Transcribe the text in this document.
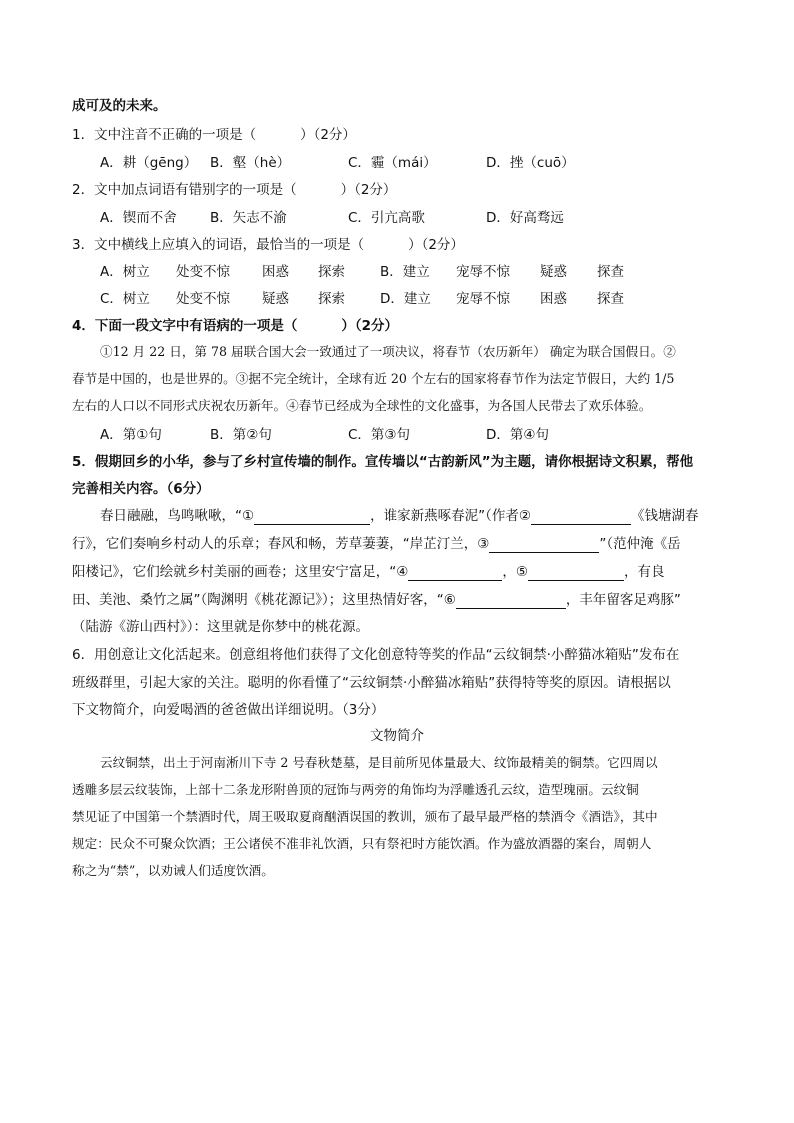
成可及的未来。
1．文中注音不正确的一项是（	）（2分）
A．耕（gēng） B．壑（hè）	C．霾（mái）	D．挫（cuō）
2．文中加点词语有错别字的一项是（	）（2分）
A．锲而不舍 B．矢志不渝	C．引亢高歌	D．好高骛远
3．文中横线上应填入的词语，最恰当的一项是（	）（2分）
A．树立 处变不惊 困惑 探索	B．建立 宠辱不惊 疑惑 探查
C．树立 处变不惊 疑惑 探索	D．建立 宠辱不惊 困惑 探查
4．下面一段文字中有语病的一项是（	）（2分）
①12 月 22 日，第 78 届联合国大会一致通过了一项决议，将春节（农历新年） 确定为联合国假日。②
春节是中国的，也是世界的。③据不完全统计，全球有近 20 个左右的国家将春节作为法定节假日，大约 1/5
左右的人口以不同形式庆祝农历新年。④春节已经成为全球性的文化盛事，为各国人民带去了欢乐体验。
A．第①句	B．第②句	C．第③句	D．第④句
5．假期回乡的小华，参与了乡村宣传墙的制作。宣传墙以“古韵新风”为主题，请你根据诗文积累，帮他
完善相关内容。（6分）
春日融融，鸟鸣啾啾，“①	，谁家新燕啄春泥”（作者②	《钱塘湖春
行》，它们奏响乡村动人的乐章；春风和畅，芳草萋萋，“岸芷汀兰，③	”（范仲淹《岳
阳楼记》，它们绘就乡村美丽的画卷；这里安宁富足，“④	，⑤	，有良
田、美池、桑竹之属”（陶渊明《桃花源记》）；这里热情好客，“⑥	，丰年留客足鸡豚”
（陆游《游山西村》）：这里就是你梦中的桃花源。
6．用创意让文化活起来。创意组将他们获得了文化创意特等奖的作品“云纹铜禁·小醉猫冰箱贴”发布在
班级群里，引起大家的关注。聪明的你看懂了“云纹铜禁·小醉猫冰箱贴”获得特等奖的原因。请根据以
下文物简介，向爱喝酒的爸爸做出详细说明。（3分）
文物简介
云纹铜禁，出土于河南淅川下寺 2 号春秋楚墓，是目前所见体量最大、纹饰最精美的铜禁。它四周以
透雕多层云纹装饰，上部十二条龙形附兽顶的冠饰与两旁的角饰均为浮雕透孔云纹，造型瑰丽。云纹铜
禁见证了中国第一个禁酒时代，周王吸取夏商酗酒误国的教训，颁布了最早最严格的禁酒令《酒诰》，其中
规定：民众不可聚众饮酒；王公诸侯不准非礼饮酒，只有祭祀时方能饮酒。作为盛放酒器的案台，周朝人
称之为“禁”，以劝诫人们适度饮酒。
